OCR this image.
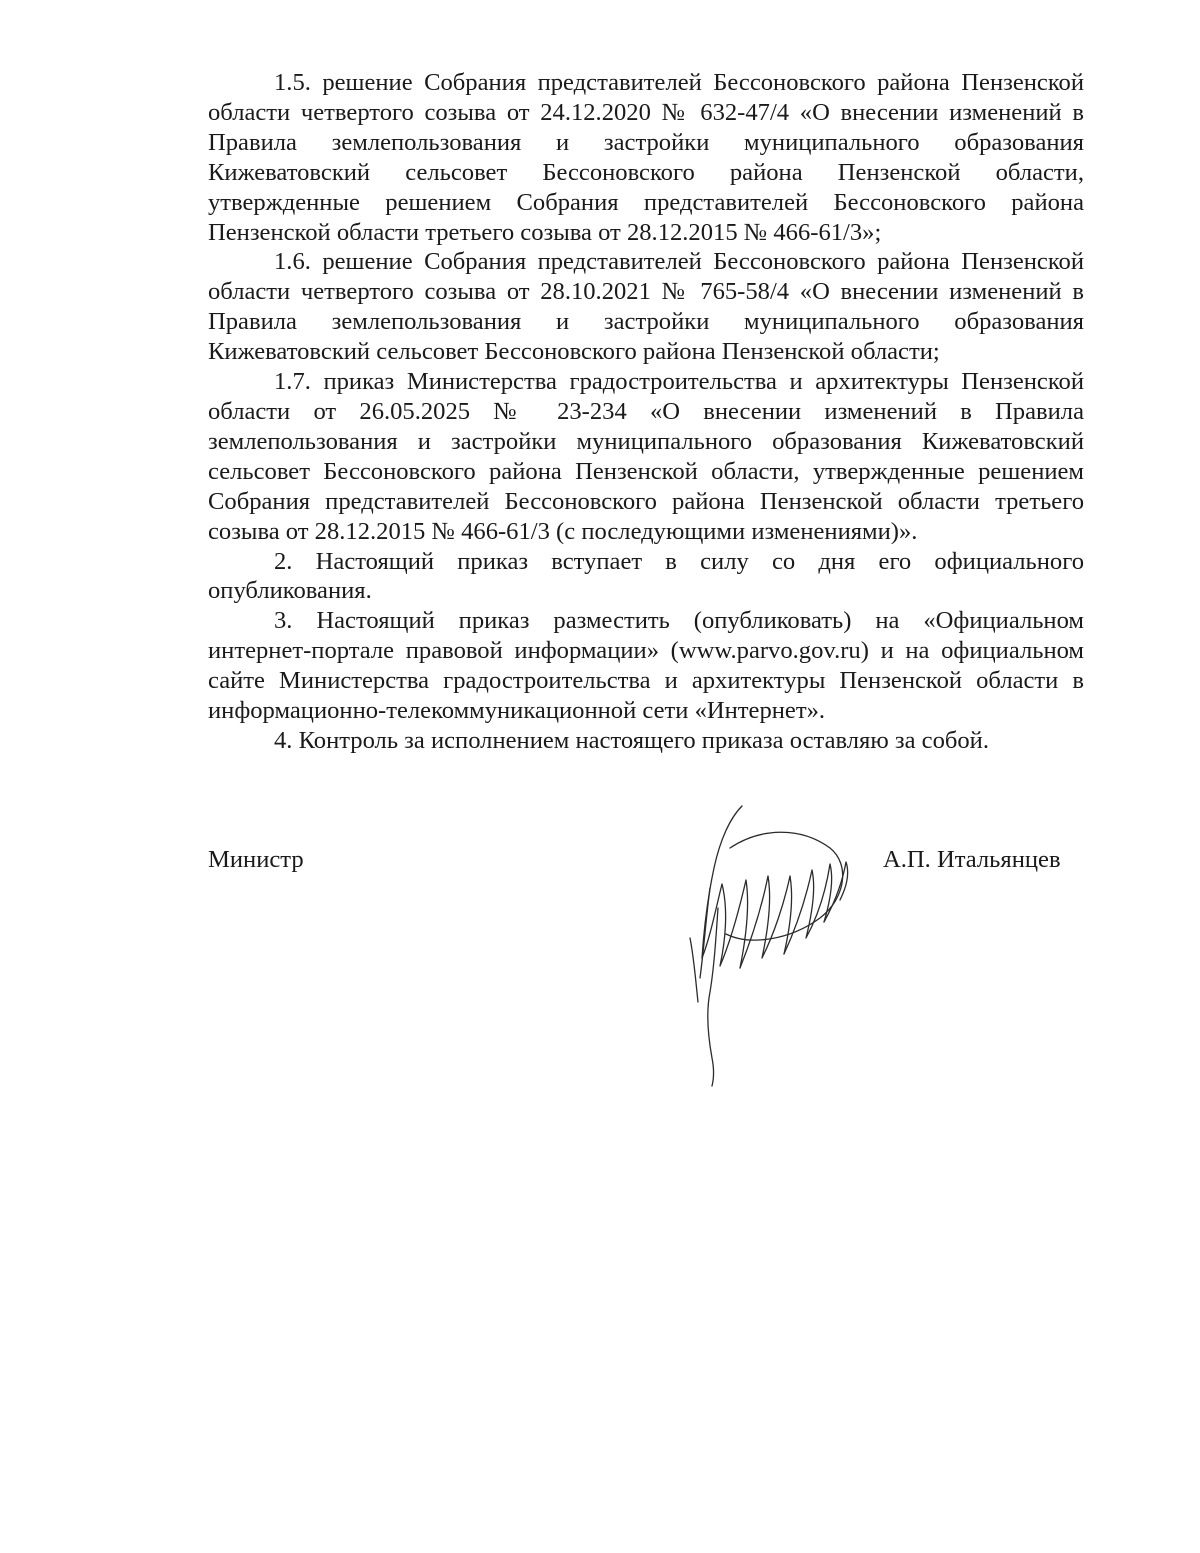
1.5. решение Собрания представителей Бессоновского района Пензенской области четвертого созыва от 24.12.2020 № 632-47/4 «О внесении изменений в Правила землепользования и застройки муниципального образования Кижеватовский сельсовет Бессоновского района Пензенской области, утвержденные решением Собрания представителей Бессоновского района Пензенской области третьего созыва от 28.12.2015 № 466-61/3»;

1.6. решение Собрания представителей Бессоновского района Пензенской области четвертого созыва от 28.10.2021 № 765-58/4 «О внесении изменений в Правила землепользования и застройки муниципального образования Кижеватовский сельсовет Бессоновского района Пензенской области;

1.7. приказ Министерства градостроительства и архитектуры Пензенской области от 26.05.2025 № 23-234 «О внесении изменений в Правила землепользования и застройки муниципального образования Кижеватовский сельсовет Бессоновского района Пензенской области, утвержденные решением Собрания представителей Бессоновского района Пензенской области третьего созыва от 28.12.2015 № 466-61/3 (с последующими изменениями)».

2. Настоящий приказ вступает в силу со дня его официального опубликования.

3. Настоящий приказ разместить (опубликовать) на «Официальном интернет-портале правовой информации» (www.parvo.gov.ru) и на официальном сайте Министерства градостроительства и архитектуры Пензенской области в информационно-телекоммуникационной сети «Интернет».

4. Контроль за исполнением настоящего приказа оставляю за собой.

Министр	А.П. Итальянцев
